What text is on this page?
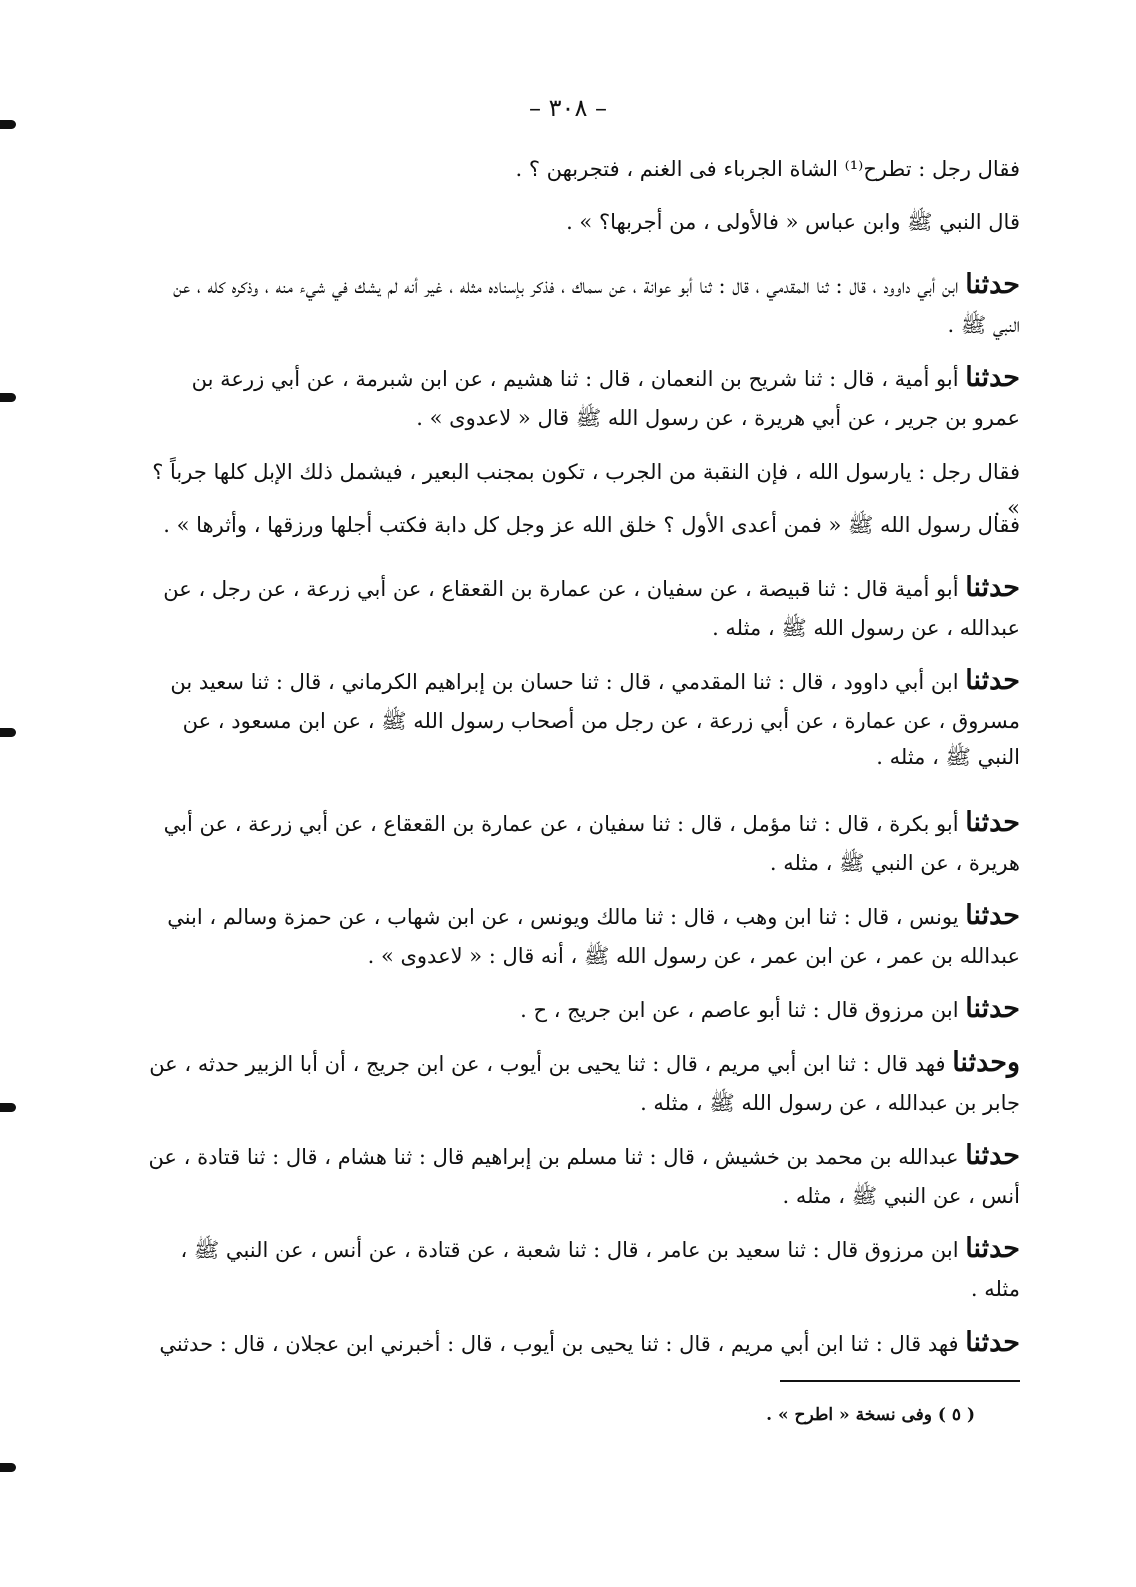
– ٣٠٨ –
فقال رجل : تطرح⁽¹⁾ الشاة الجرباء فى الغنم ، فتجربهن ؟ .
قال النبي ﷺ وابن عباس « فالأولى ، من أجربها؟ » .
حدثنا ابن أبي داوود ، قال : ثنا المقدمي ، قال : ثنا أبو عوانة ، عن سماك ، فذكر بإسناده مثله ، غير أنه لم يشك في شيء منه ، وذكره كله ، عن النبي ﷺ .
حدثنا أبو أمية ، قال : ثنا شريح بن النعمان ، قال : ثنا هشيم ، عن ابن شبرمة ، عن أبي زرعة بن عمرو بن جرير ، عن أبي هريرة ، عن رسول الله ﷺ قال « لاعدوى » .
فقال رجل : يارسول الله ، فإن النقبة من الجرب ، تكون بمجنب البعير ، فيشمل ذلك الإبل كلها جرباً ؟ » .
فقال رسول الله ﷺ « فمن أعدى الأول ؟ خلق الله عز وجل كل دابة فكتب أجلها ورزقها ، وأثرها » .
حدثنا أبو أمية قال : ثنا قبيصة ، عن سفيان ، عن عمارة بن القعقاع ، عن أبي زرعة ، عن رجل ، عن عبدالله ، عن رسول الله ﷺ ، مثله .
حدثنا ابن أبي داوود ، قال : ثنا المقدمي ، قال : ثنا حسان بن إبراهيم الكرماني ، قال : ثنا سعيد بن مسروق ، عن عمارة ، عن أبي زرعة ، عن رجل من أصحاب رسول الله ﷺ ، عن ابن مسعود ، عن النبي ﷺ ، مثله .
حدثنا أبو بكرة ، قال : ثنا مؤمل ، قال : ثنا سفيان ، عن عمارة بن القعقاع ، عن أبي زرعة ، عن أبي هريرة ، عن النبي ﷺ ، مثله .
حدثنا يونس ، قال : ثنا ابن وهب ، قال : ثنا مالك ويونس ، عن ابن شهاب ، عن حمزة وسالم ، ابني عبدالله بن عمر ، عن ابن عمر ، عن رسول الله ﷺ ، أنه قال : « لاعدوى » .
حدثنا ابن مرزوق قال : ثنا أبو عاصم ، عن ابن جريج ، ح .
وحدثنا فهد قال : ثنا ابن أبي مريم ، قال : ثنا يحيى بن أيوب ، عن ابن جريج ، أن أبا الزبير حدثه ، عن جابر بن عبدالله ، عن رسول الله ﷺ ، مثله .
حدثنا عبدالله بن محمد بن خشيش ، قال : ثنا مسلم بن إبراهيم قال : ثنا هشام ، قال : ثنا قتادة ، عن أنس ، عن النبي ﷺ ، مثله .
حدثنا ابن مرزوق قال : ثنا سعيد بن عامر ، قال : ثنا شعبة ، عن قتادة ، عن أنس ، عن النبي ﷺ ، مثله .
حدثنا فهد قال : ثنا ابن أبي مريم ، قال : ثنا يحيى بن أيوب ، قال : أخبرني ابن عجلان ، قال : حدثني
( ٥ ) وفى نسخة « اطرح » .
